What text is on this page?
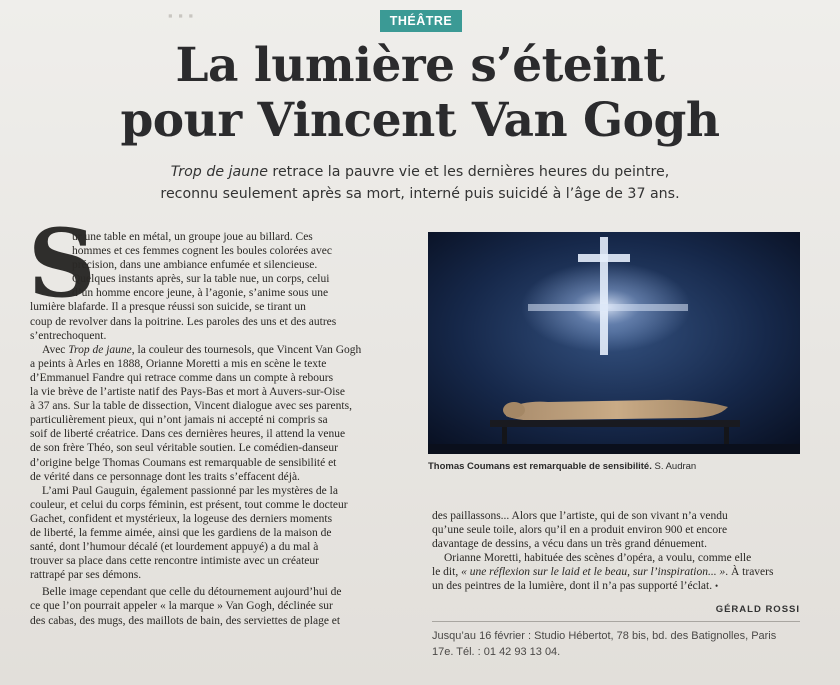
▪ ▪ ▪	THÉÂTRE
La lumière s’éteint
pour Vincent Van Gogh
Trop de jaune retrace la pauvre vie et les dernières heures du peintre,
reconnu seulement après sa mort, interné puis suicidé à l’âge de 37 ans.
S
ur une table en métal, un groupe joue au billard. Ces
hommes et ces femmes cognent les boules colorées avec
précision, dans une ambiance enfumée et silencieuse.
Quelques instants après, sur la table nue, un corps, celui
d’un homme encore jeune, à l’agonie, s’anime sous une
lumière blafarde. Il a presque réussi son suicide, se tirant un
coup de revolver dans la poitrine. Les paroles des uns et des autres
s’entrechoquent.
Avec Trop de jaune, la couleur des tournesols, que Vincent Van Gogh
a peints à Arles en 1888, Orianne Moretti a mis en scène le texte
d’Emmanuel Fandre qui retrace comme dans un compte à rebours
la vie brève de l’artiste natif des Pays-Bas et mort à Auvers-sur-Oise
à 37 ans. Sur la table de dissection, Vincent dialogue avec ses parents,
particulièrement pieux, qui n’ont jamais ni accepté ni compris sa
soif de liberté créatrice. Dans ces dernières heures, il attend la venue
de son frère Théo, son seul véritable soutien. Le comédien-danseur
d’origine belge Thomas Coumans est remarquable de sensibilité et
de vérité dans ce personnage dont les traits s’effacent déjà.
L’ami Paul Gauguin, également passionné par les mystères de la
couleur, et celui du corps féminin, est présent, tout comme le docteur
Gachet, confident et mystérieux, la logeuse des derniers moments
de liberté, la femme aimée, ainsi que les gardiens de la maison de
santé, dont l’humour décalé (et lourdement appuyé) a du mal à
trouver sa place dans cette rencontre intimiste avec un créateur
rattrapé par ses démons.
Belle image cependant que celle du détournement aujourd’hui de
ce que l’on pourrait appeler « la marque » Van Gogh, déclinée sur
des cabas, des mugs, des maillots de bain, des serviettes de plage et
Thomas Coumans est remarquable de sensibilité. S. Audran
des paillassons... Alors que l’artiste, qui de son vivant n’a vendu
qu’une seule toile, alors qu’il en a produit environ 900 et encore
davantage de dessins, a vécu dans un très grand dénuement.
Orianne Moretti, habituée des scènes d’opéra, a voulu, comme elle
le dit, « une réflexion sur le laid et le beau, sur l’inspiration... ». À travers
un des peintres de la lumière, dont il n’a pas supporté l’éclat. •
GÉRALD ROSSI
Jusqu’au 16 février : Studio Hébertot, 78 bis, bd. des Batignolles, Paris
17e. Tél. : 01 42 93 13 04.
